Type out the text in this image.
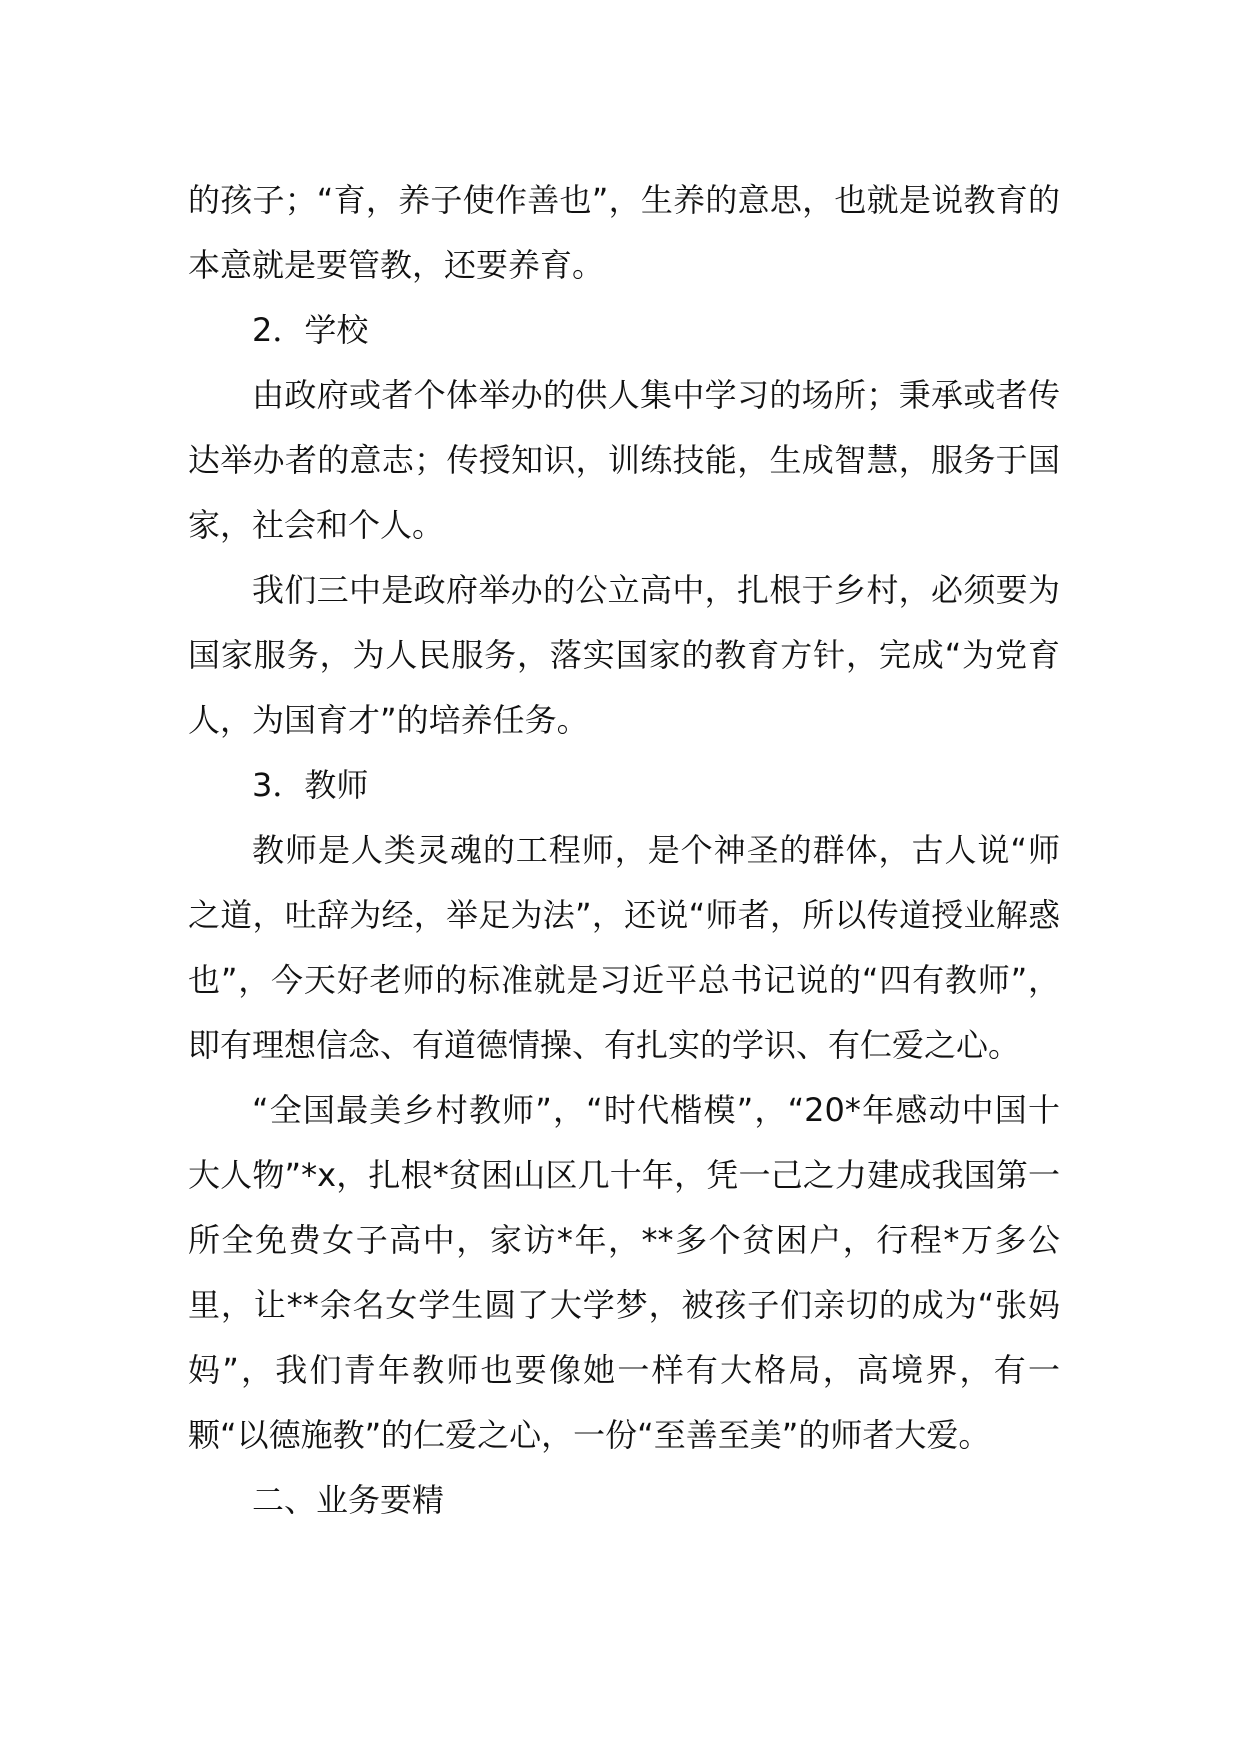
的孩子；“育，养子使作善也”，生养的意思，也就是说教育的本意就是要管教，还要养育。

2．学校

由政府或者个体举办的供人集中学习的场所；秉承或者传达举办者的意志；传授知识，训练技能，生成智慧，服务于国家，社会和个人。

我们三中是政府举办的公立高中，扎根于乡村，必须要为国家服务，为人民服务，落实国家的教育方针，完成“为党育人，为国育才”的培养任务。

3．教师

教师是人类灵魂的工程师，是个神圣的群体，古人说“师之道，吐辞为经，举足为法”，还说“师者，所以传道授业解惑也”，今天好老师的标准就是习近平总书记说的“四有教师”，即有理想信念、有道德情操、有扎实的学识、有仁爱之心。

“全国最美乡村教师”，“时代楷模”，“20*年感动中国十大人物”*x，扎根*贫困山区几十年，凭一己之力建成我国第一所全免费女子高中，家访*年，**多个贫困户，行程*万多公里，让**余名女学生圆了大学梦，被孩子们亲切的成为“张妈妈”，我们青年教师也要像她一样有大格局，高境界，有一颗“以德施教”的仁爱之心，一份“至善至美”的师者大爱。

二、业务要精
